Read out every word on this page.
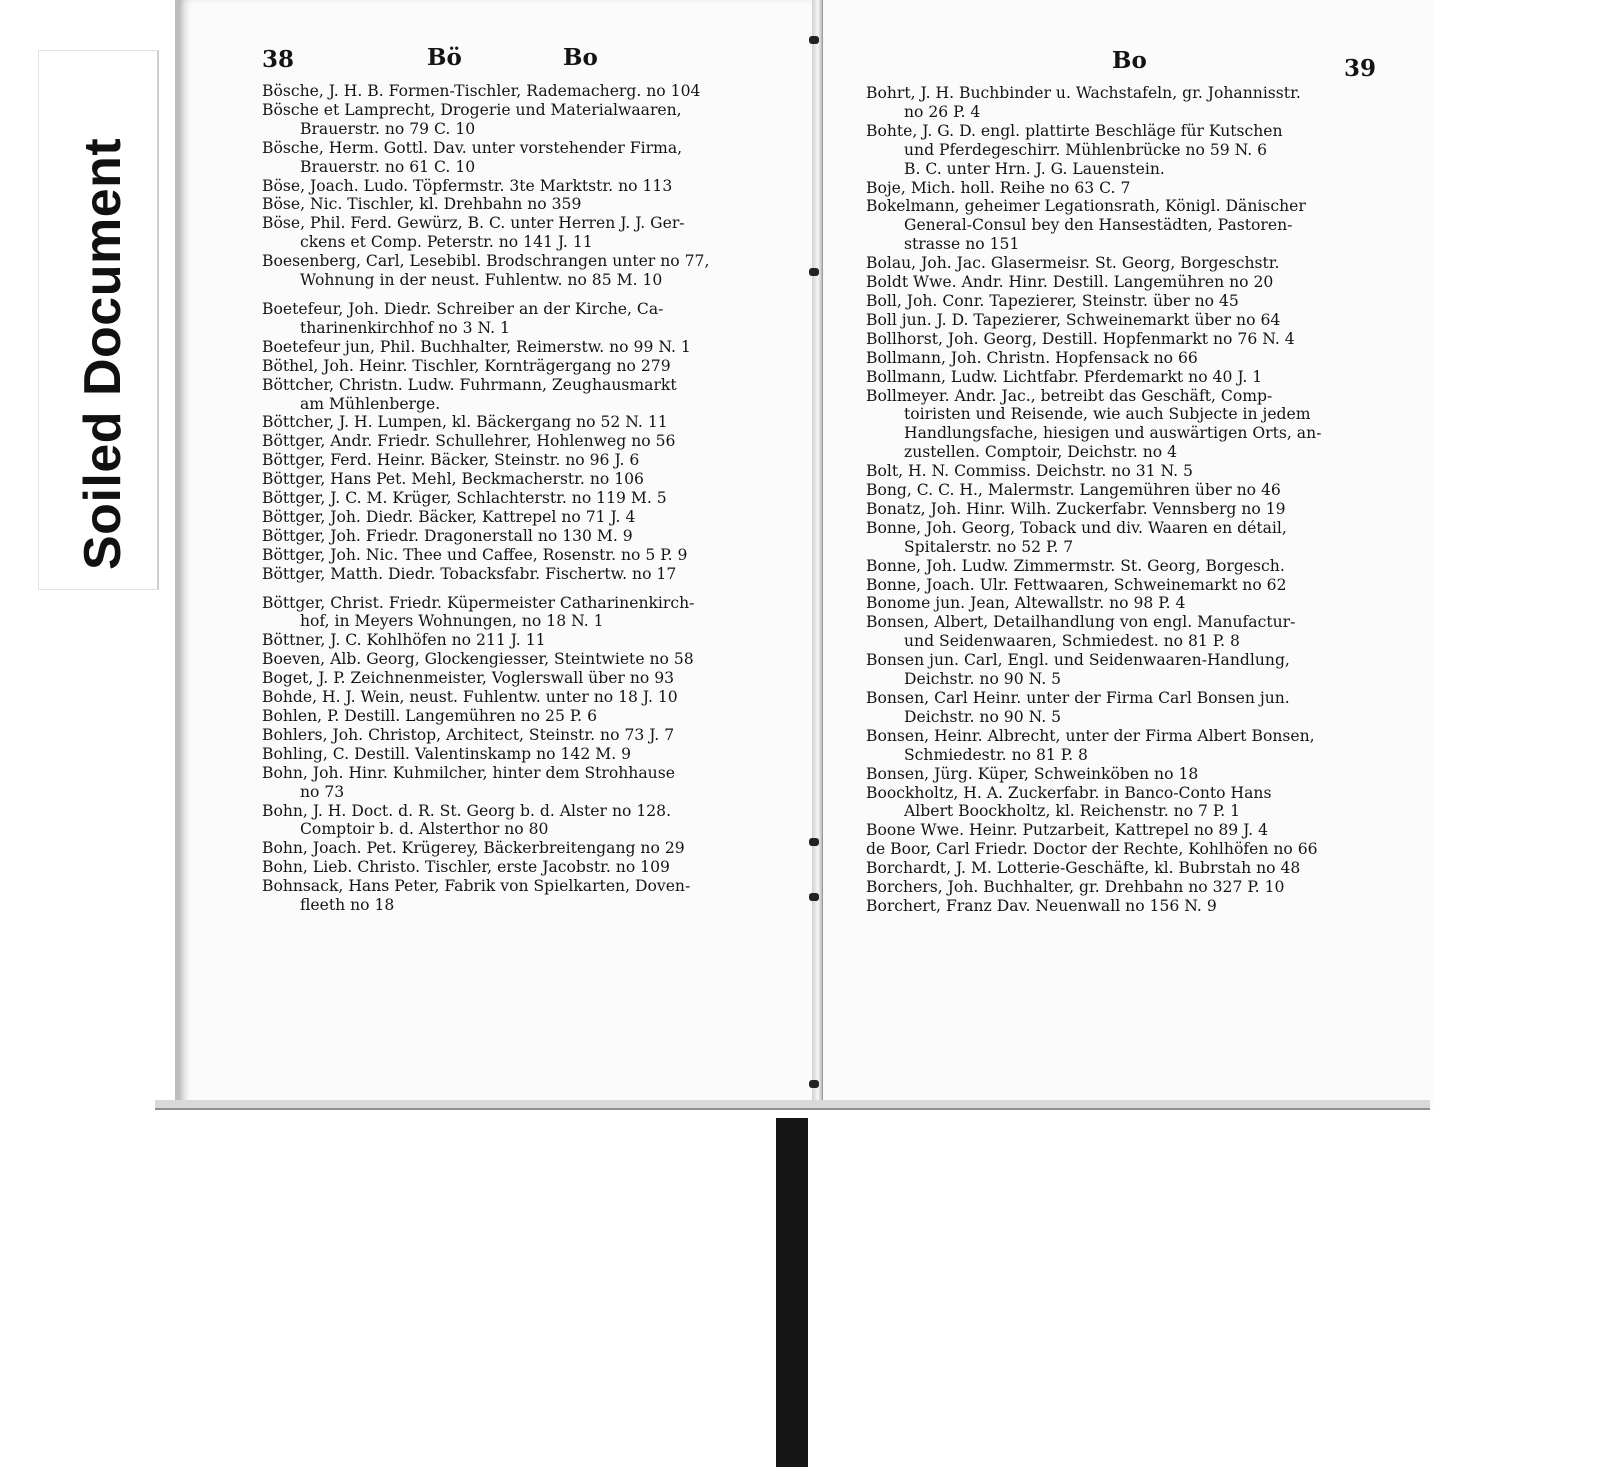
Soiled Document
38	Bö	Bo	Bo	39
Bösche, J. H. B. Formen-Tischler, Rademacherg. no 104
Bösche et Lamprecht, Drogerie und Materialwaaren,
Brauerstr. no 79 C. 10
Bösche, Herm. Gottl. Dav. unter vorstehender Firma,
Brauerstr. no 61 C. 10
Böse, Joach. Ludo. Töpfermstr. 3te Marktstr. no 113
Böse, Nic. Tischler, kl. Drehbahn no 359
Böse, Phil. Ferd. Gewürz, B. C. unter Herren J. J. Ger-
ckens et Comp. Peterstr. no 141 J. 11
Boesenberg, Carl, Lesebibl. Brodschrangen unter no 77,
Wohnung in der neust. Fuhlentw. no 85 M. 10
Boetefeur, Joh. Diedr. Schreiber an der Kirche, Ca-
tharinenkirchhof no 3 N. 1
Boetefeur jun, Phil. Buchhalter, Reimerstw. no 99 N. 1
Böthel, Joh. Heinr. Tischler, Kornträgergang no 279
Böttcher, Christn. Ludw. Fuhrmann, Zeughausmarkt
am Mühlenberge.
Böttcher, J. H. Lumpen, kl. Bäckergang no 52 N. 11
Böttger, Andr. Friedr. Schullehrer, Hohlenweg no 56
Böttger, Ferd. Heinr. Bäcker, Steinstr. no 96 J. 6
Böttger, Hans Pet. Mehl, Beckmacherstr. no 106
Böttger, J. C. M. Krüger, Schlachterstr. no 119 M. 5
Böttger, Joh. Diedr. Bäcker, Kattrepel no 71 J. 4
Böttger, Joh. Friedr. Dragonerstall no 130 M. 9
Böttger, Joh. Nic. Thee und Caffee, Rosenstr. no 5 P. 9
Böttger, Matth. Diedr. Tobacksfabr. Fischertw. no 17
Böttger, Christ. Friedr. Küpermeister Catharinenkirch-
hof, in Meyers Wohnungen, no 18 N. 1
Böttner, J. C. Kohlhöfen no 211 J. 11
Boeven, Alb. Georg, Glockengiesser, Steintwiete no 58
Boget, J. P. Zeichnenmeister, Voglerswall über no 93
Bohde, H. J. Wein, neust. Fuhlentw. unter no 18 J. 10
Bohlen, P. Destill. Langemühren no 25 P. 6
Bohlers, Joh. Christop, Architect, Steinstr. no 73 J. 7
Bohling, C. Destill. Valentinskamp no 142 M. 9
Bohn, Joh. Hinr. Kuhmilcher, hinter dem Strohhause
no 73
Bohn, J. H. Doct. d. R. St. Georg b. d. Alster no 128.
Comptoir b. d. Alsterthor no 80
Bohn, Joach. Pet. Krügerey, Bäckerbreitengang no 29
Bohn, Lieb. Christo. Tischler, erste Jacobstr. no 109
Bohnsack, Hans Peter, Fabrik von Spielkarten, Doven-
fleeth no 18
Bohrt, J. H. Buchbinder u. Wachstafeln, gr. Johannisstr.
no 26 P. 4
Bohte, J. G. D. engl. plattirte Beschläge für Kutschen
und Pferdegeschirr. Mühlenbrücke no 59 N. 6
B. C. unter Hrn. J. G. Lauenstein.
Boje, Mich. holl. Reihe no 63 C. 7
Bokelmann, geheimer Legationsrath, Königl. Dänischer
General-Consul bey den Hansestädten, Pastoren-
strasse no 151
Bolau, Joh. Jac. Glasermeisr. St. Georg, Borgeschstr.
Boldt Wwe. Andr. Hinr. Destill. Langemühren no 20
Boll, Joh. Conr. Tapezierer, Steinstr. über no 45
Boll jun. J. D. Tapezierer, Schweinemarkt über no 64
Bollhorst, Joh. Georg, Destill. Hopfenmarkt no 76 N. 4
Bollmann, Joh. Christn. Hopfensack no 66
Bollmann, Ludw. Lichtfabr. Pferdemarkt no 40 J. 1
Bollmeyer. Andr. Jac., betreibt das Geschäft, Comp-
toiristen und Reisende, wie auch Subjecte in jedem
Handlungsfache, hiesigen und auswärtigen Orts, an-
zustellen. Comptoir, Deichstr. no 4
Bolt, H. N. Commiss. Deichstr. no 31 N. 5
Bong, C. C. H., Malermstr. Langemühren über no 46
Bonatz, Joh. Hinr. Wilh. Zuckerfabr. Vennsberg no 19
Bonne, Joh. Georg, Toback und div. Waaren en détail,
Spitalerstr. no 52 P. 7
Bonne, Joh. Ludw. Zimmermstr. St. Georg, Borgesch.
Bonne, Joach. Ulr. Fettwaaren, Schweinemarkt no 62
Bonome jun. Jean, Altewallstr. no 98 P. 4
Bonsen, Albert, Detailhandlung von engl. Manufactur-
und Seidenwaaren, Schmiedest. no 81 P. 8
Bonsen jun. Carl, Engl. und Seidenwaaren-Handlung,
Deichstr. no 90 N. 5
Bonsen, Carl Heinr. unter der Firma Carl Bonsen jun.
Deichstr. no 90 N. 5
Bonsen, Heinr. Albrecht, unter der Firma Albert Bonsen,
Schmiedestr. no 81 P. 8
Bonsen, Jürg. Küper, Schweinköben no 18
Boockholtz, H. A. Zuckerfabr. in Banco-Conto Hans
Albert Boockholtz, kl. Reichenstr. no 7 P. 1
Boone Wwe. Heinr. Putzarbeit, Kattrepel no 89 J. 4
de Boor, Carl Friedr. Doctor der Rechte, Kohlhöfen no 66
Borchardt, J. M. Lotterie-Geschäfte, kl. Bubrstah no 48
Borchers, Joh. Buchhalter, gr. Drehbahn no 327 P. 10
Borchert, Franz Dav. Neuenwall no 156 N. 9
